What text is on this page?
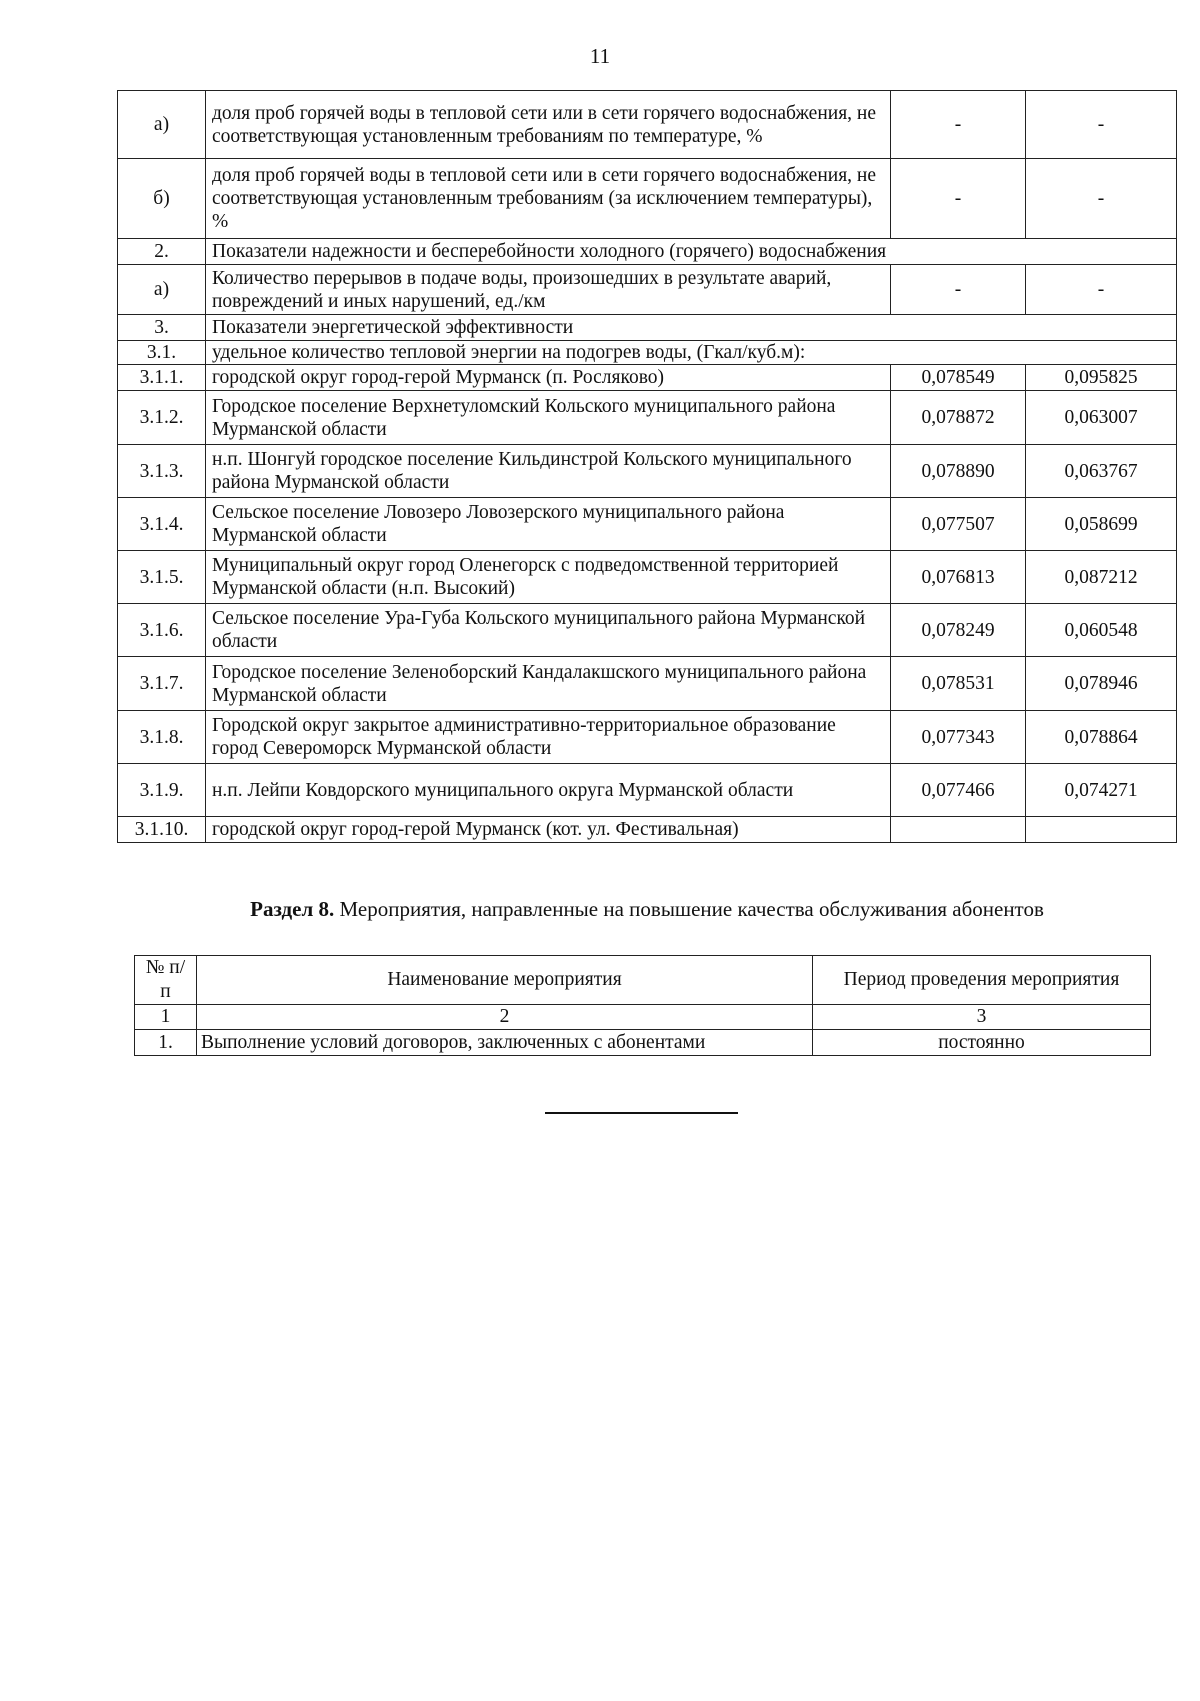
11
а)	доля проб горячей воды в тепловой сети или в сети горячего водоснабжения, не соответствующая установленным требованиям по температуре, %	-	-
б)	доля проб горячей воды в тепловой сети или в сети горячего водоснабжения, не соответствующая установленным требованиям (за исключением температуры), %	-	-
2.	Показатели надежности и бесперебойности холодного (горячего) водоснабжения		
а)	Количество перерывов в подаче воды, произошедших в результате аварий, повреждений и иных нарушений, ед./км	-	-
3.	Показатели энергетической эффективности		
3.1.	удельное количество тепловой энергии на подогрев воды, (Гкал/куб.м):		
3.1.1.	городской округ город-герой Мурманск (п. Росляково)	0,078549	0,095825
3.1.2.	Городское поселение Верхнетуломский Кольского муниципального района Мурманской области	0,078872	0,063007
3.1.3.	н.п. Шонгуй городское поселение Кильдинстрой Кольского муниципального района Мурманской области	0,078890	0,063767
3.1.4.	Сельское поселение Ловозеро Ловозерского муниципального района Мурманской области	0,077507	0,058699
3.1.5.	Муниципальный округ город Оленегорск с подведомственной территорией Мурманской области (н.п. Высокий)	0,076813	0,087212
3.1.6.	Сельское поселение Ура-Губа Кольского муниципального района Мурманской области	0,078249	0,060548
3.1.7.	Городское поселение Зеленоборский Кандалакшского муниципального района Мурманской области	0,078531	0,078946
3.1.8.	Городской округ закрытое административно-территориальное образование город Североморск Мурманской области	0,077343	0,078864
3.1.9.	н.п. Лейпи Ковдорского муниципального округа Мурманской области	0,077466	0,074271
3.1.10.	городской округ город-герой Мурманск (кот. ул. Фестивальная)		
Раздел 8. Мероприятия, направленные на повышение качества обслуживания абонентов
№ п/п	Наименование мероприятия	Период проведения мероприятия
1	2	3
1.	Выполнение условий договоров, заключенных с абонентами	постоянно
